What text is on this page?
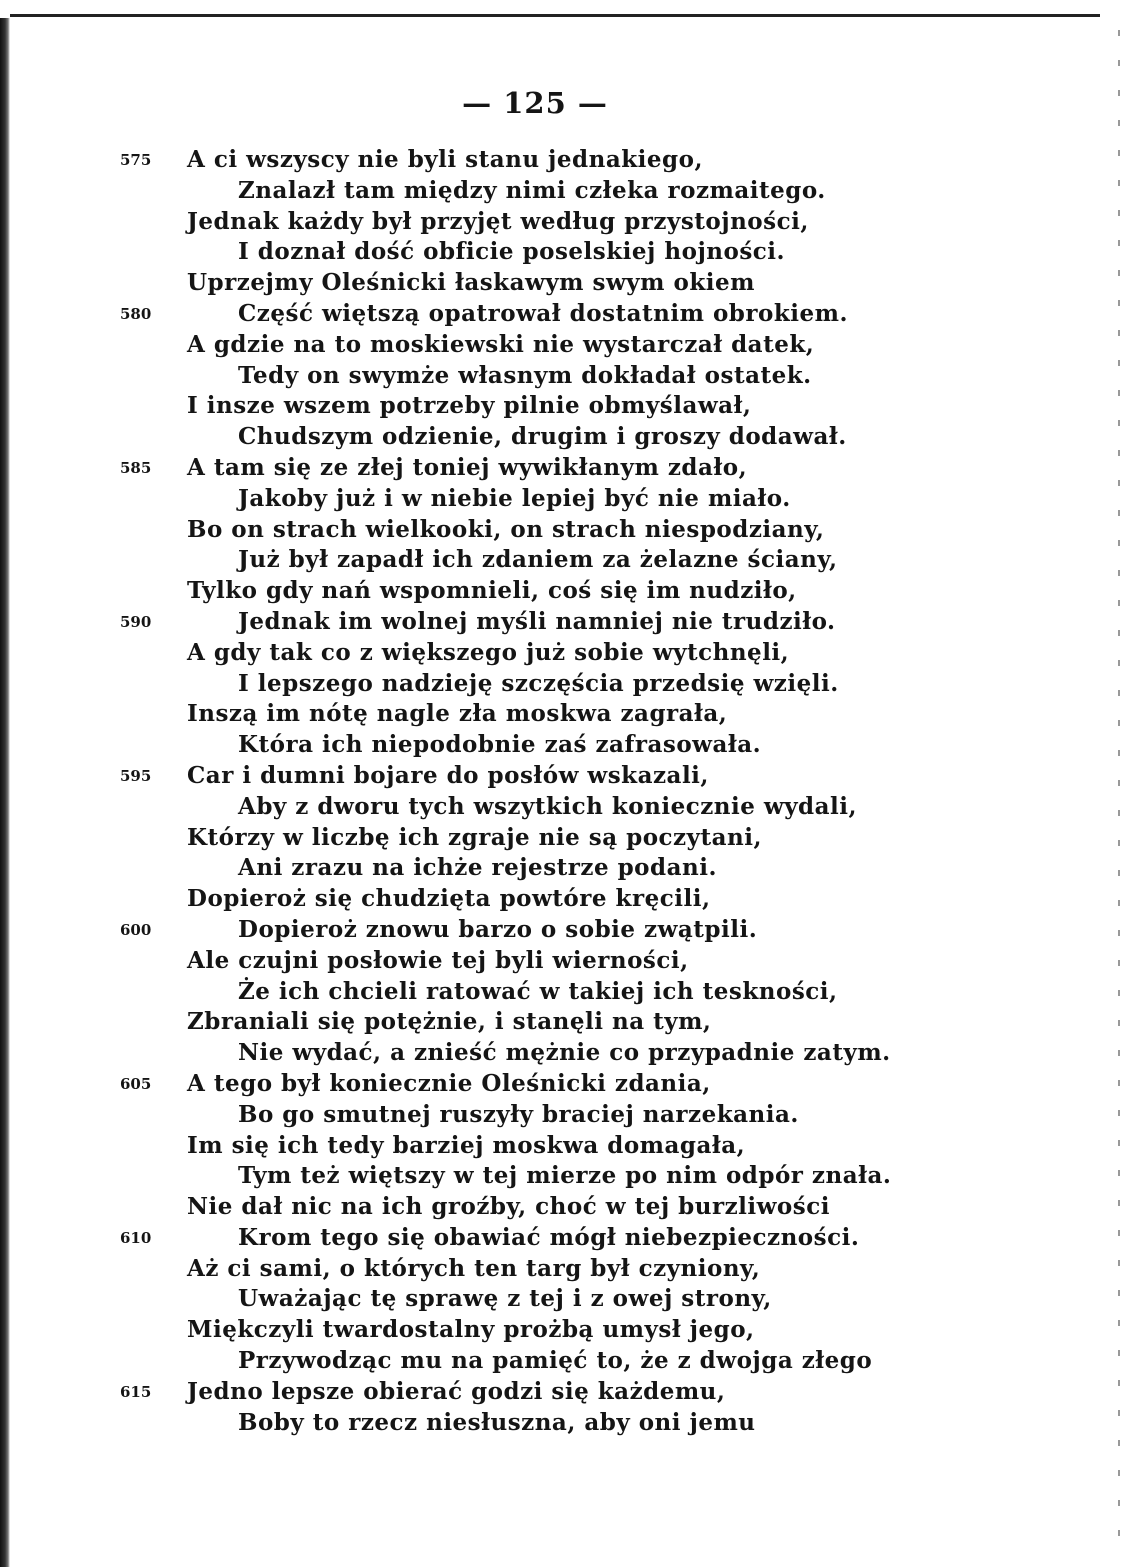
— 125 —
575	A ci wszyscy nie byli stanu jednakiego,
Znalazł tam między nimi człeka rozmaitego.
Jednak każdy był przyjęt według przystojności,
I doznał dość obficie poselskiej hojności.
Uprzejmy Oleśnicki łaskawym swym okiem
580	Część więtszą opatrował dostatnim obrokiem.
A gdzie na to moskiewski nie wystarczał datek,
Tedy on swymże własnym dokładał ostatek.
I insze wszem potrzeby pilnie obmyślawał,
Chudszym odzienie, drugim i groszy dodawał.
585	A tam się ze złej toniej wywikłanym zdało,
Jakoby już i w niebie lepiej być nie miało.
Bo on strach wielkooki, on strach niespodziany,
Już był zapadł ich zdaniem za żelazne ściany,
Tylko gdy nań wspomnieli, coś się im nudziło,
590	Jednak im wolnej myśli namniej nie trudziło.
A gdy tak co z większego już sobie wytchnęli,
I lepszego nadzieję szczęścia przedsię wzięli.
Inszą im nótę nagle zła moskwa zagrała,
Która ich niepodobnie zaś zafrasowała.
595	Car i dumni bojare do posłów wskazali,
Aby z dworu tych wszytkich koniecznie wydali,
Którzy w liczbę ich zgraje nie są poczytani,
Ani zrazu na ichże rejestrze podani.
Dopieroż się chudzięta powtóre kręcili,
600	Dopieroż znowu barzo o sobie zwątpili.
Ale czujni posłowie tej byli wierności,
Że ich chcieli ratować w takiej ich teskności,
Zbraniali się potężnie, i stanęli na tym,
Nie wydać, a znieść mężnie co przypadnie zatym.
605	A tego był koniecznie Oleśnicki zdania,
Bo go smutnej ruszyły braciej narzekania.
Im się ich tedy barziej moskwa domagała,
Tym też więtszy w tej mierze po nim odpór znała.
Nie dał nic na ich groźby, choć w tej burzliwości
610	Krom tego się obawiać mógł niebezpieczności.
Aż ci sami, o których ten targ był czyniony,
Uważając tę sprawę z tej i z owej strony,
Miękczyli twardostalny prożbą umysł jego,
Przywodząc mu na pamięć to, że z dwojga złego
615	Jedno lepsze obierać godzi się każdemu,
Boby to rzecz niesłuszna, aby oni jemu
